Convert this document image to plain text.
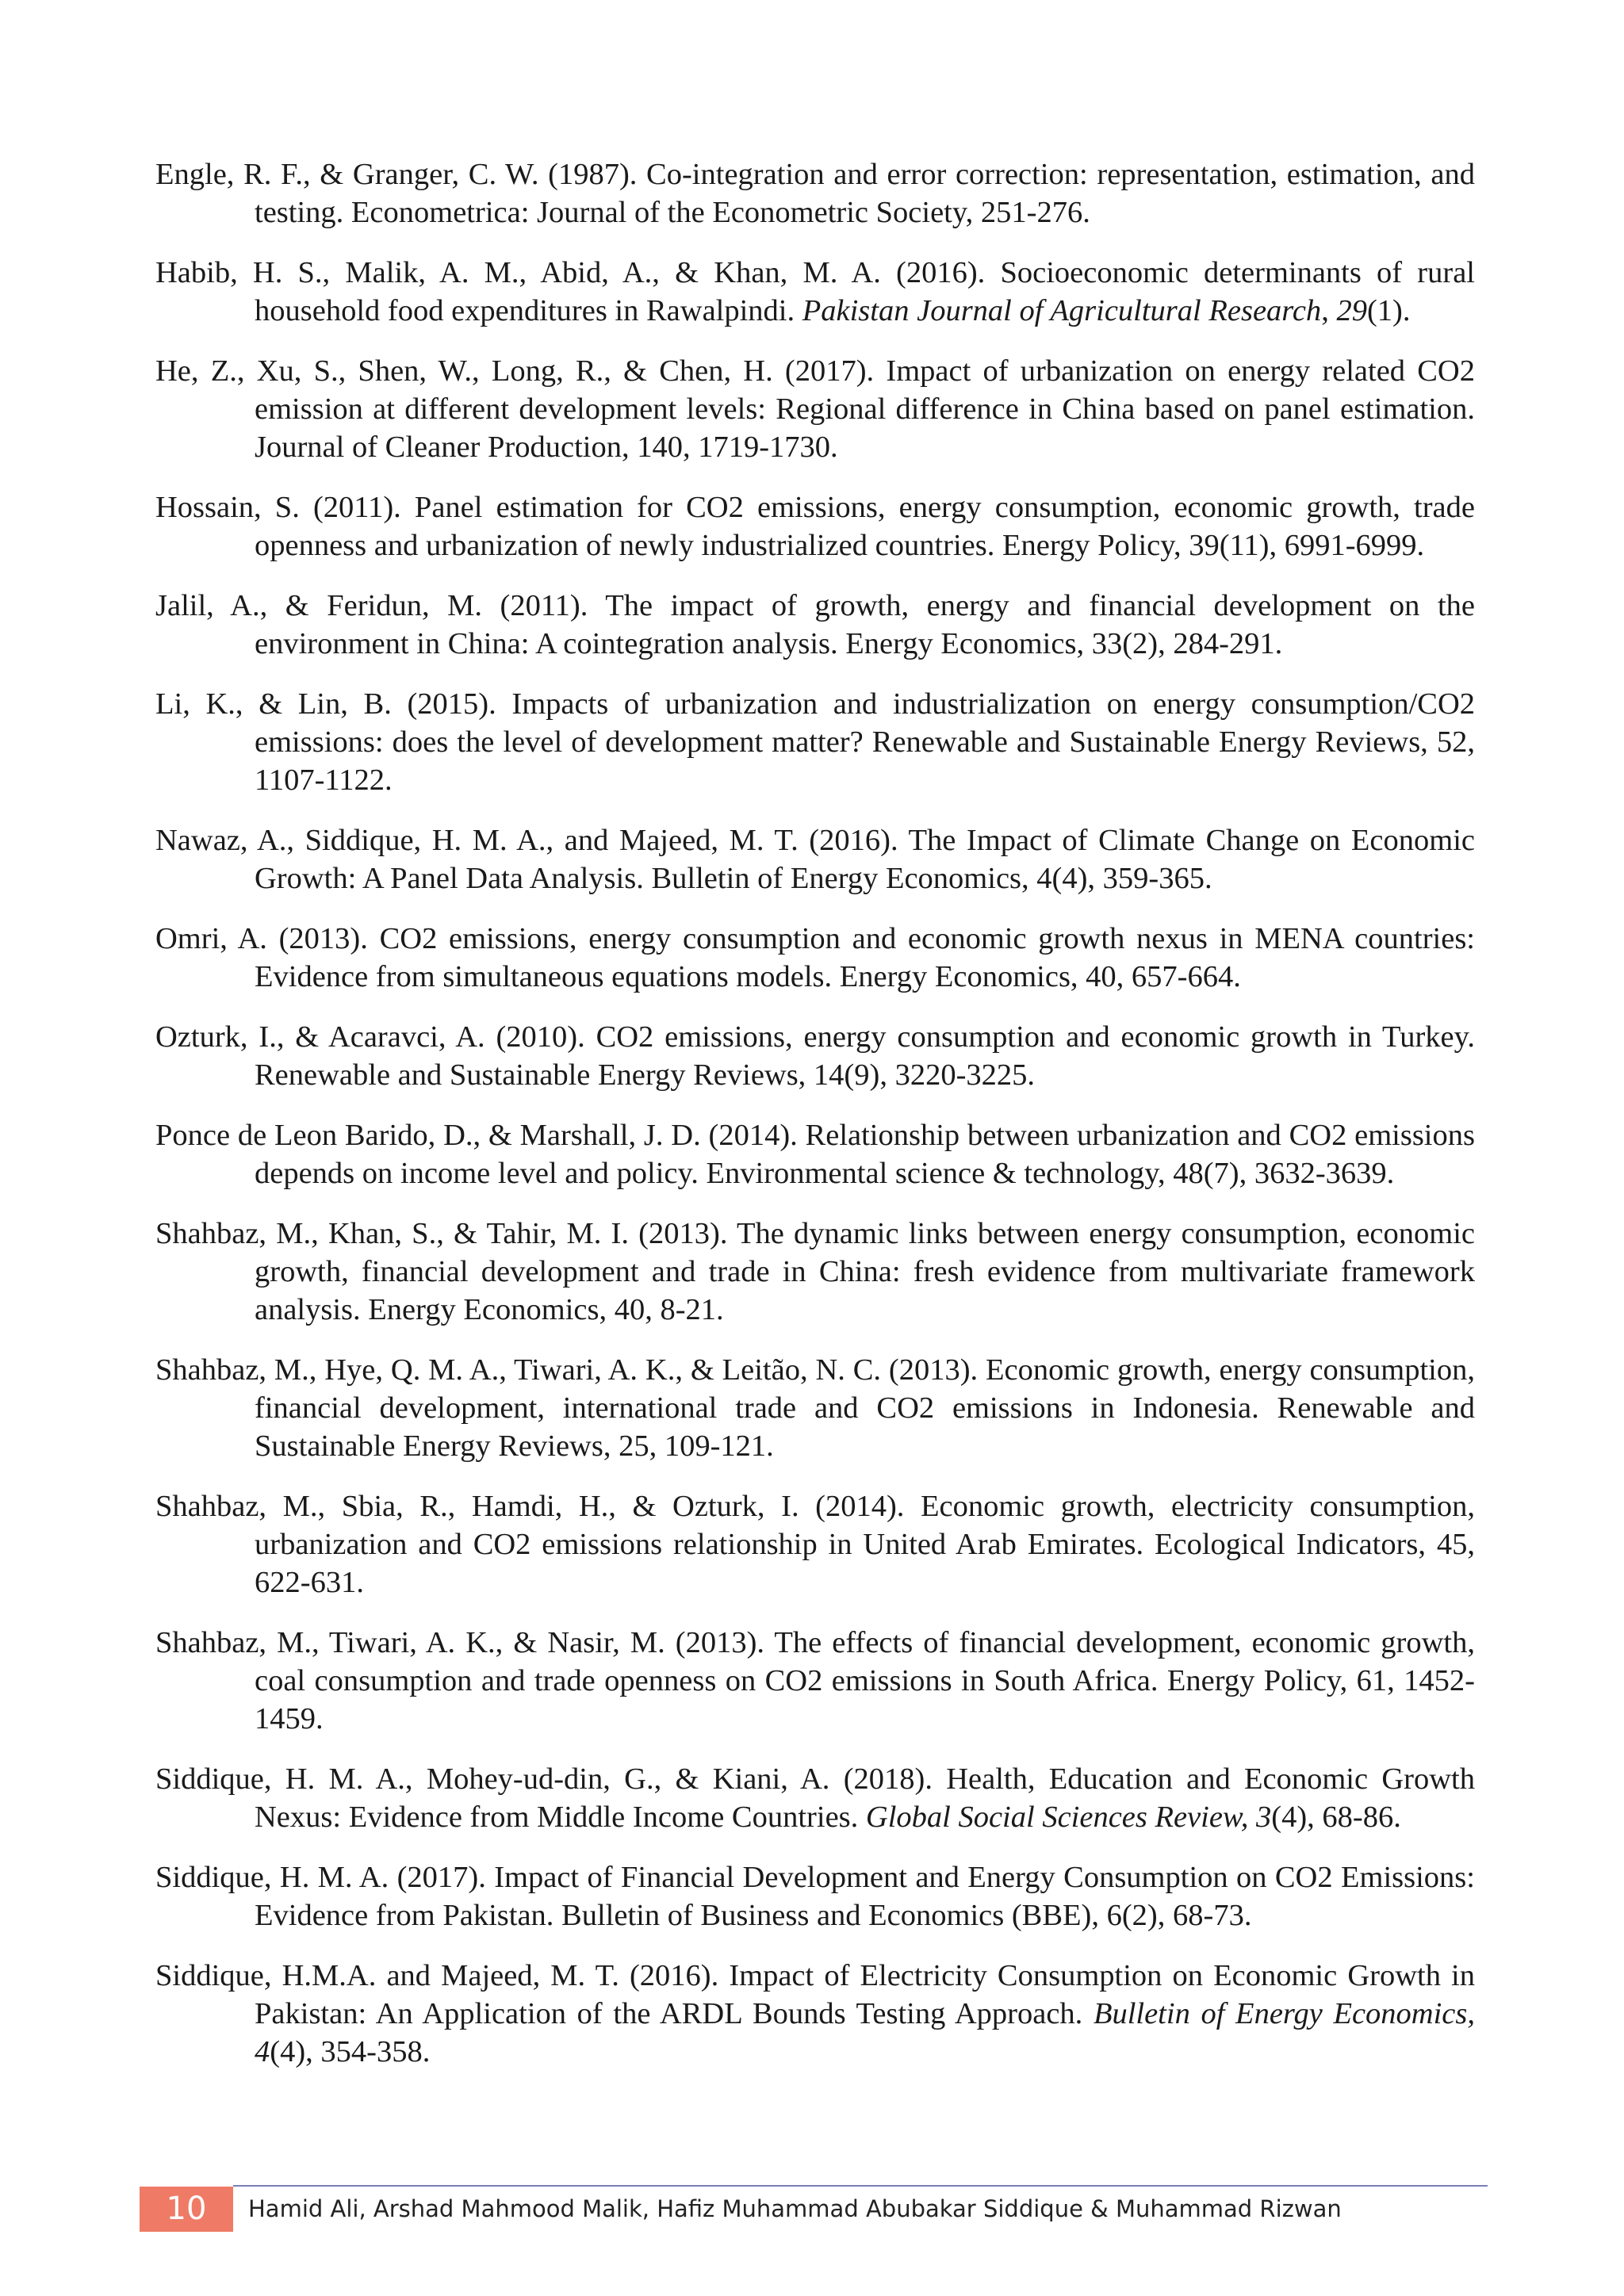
Engle, R. F., & Granger, C. W. (1987). Co-integration and error correction: representation, estimation, and testing. Econometrica: Journal of the Econometric Society, 251-276.

Habib, H. S., Malik, A. M., Abid, A., & Khan, M. A. (2016). Socioeconomic determinants of rural household food expenditures in Rawalpindi. Pakistan Journal of Agricultural Research, 29(1).

He, Z., Xu, S., Shen, W., Long, R., & Chen, H. (2017). Impact of urbanization on energy related CO2 emission at different development levels: Regional difference in China based on panel estimation. Journal of Cleaner Production, 140, 1719-1730.

Hossain, S. (2011). Panel estimation for CO2 emissions, energy consumption, economic growth, trade openness and urbanization of newly industrialized countries. Energy Policy, 39(11), 6991-6999.

Jalil, A., & Feridun, M. (2011). The impact of growth, energy and financial development on the environment in China: A cointegration analysis. Energy Economics, 33(2), 284-291.

Li, K., & Lin, B. (2015). Impacts of urbanization and industrialization on energy consumption/CO2 emissions: does the level of development matter? Renewable and Sustainable Energy Reviews, 52, 1107-1122.

Nawaz, A., Siddique, H. M. A., and Majeed, M. T. (2016). The Impact of Climate Change on Economic Growth: A Panel Data Analysis. Bulletin of Energy Economics, 4(4), 359-365.

Omri, A. (2013). CO2 emissions, energy consumption and economic growth nexus in MENA countries: Evidence from simultaneous equations models. Energy Economics, 40, 657-664.

Ozturk, I., & Acaravci, A. (2010). CO2 emissions, energy consumption and economic growth in Turkey. Renewable and Sustainable Energy Reviews, 14(9), 3220-3225.

Ponce de Leon Barido, D., & Marshall, J. D. (2014). Relationship between urbanization and CO2 emissions depends on income level and policy. Environmental science & technology, 48(7), 3632-3639.

Shahbaz, M., Khan, S., & Tahir, M. I. (2013). The dynamic links between energy consumption, economic growth, financial development and trade in China: fresh evidence from multivariate framework analysis. Energy Economics, 40, 8-21.

Shahbaz, M., Hye, Q. M. A., Tiwari, A. K., & Leitão, N. C. (2013). Economic growth, energy consumption, financial development, international trade and CO2 emissions in Indonesia. Renewable and Sustainable Energy Reviews, 25, 109-121.

Shahbaz, M., Sbia, R., Hamdi, H., & Ozturk, I. (2014). Economic growth, electricity consumption, urbanization and CO2 emissions relationship in United Arab Emirates. Ecological Indicators, 45, 622-631.

Shahbaz, M., Tiwari, A. K., & Nasir, M. (2013). The effects of financial development, economic growth, coal consumption and trade openness on CO2 emissions in South Africa. Energy Policy, 61, 1452-1459.

Siddique, H. M. A., Mohey-ud-din, G., & Kiani, A. (2018). Health, Education and Economic Growth Nexus: Evidence from Middle Income Countries. Global Social Sciences Review, 3(4), 68-86.

Siddique, H. M. A. (2017). Impact of Financial Development and Energy Consumption on CO2 Emissions: Evidence from Pakistan. Bulletin of Business and Economics (BBE), 6(2), 68-73.

Siddique, H.M.A. and Majeed, M. T. (2016). Impact of Electricity Consumption on Economic Growth in Pakistan: An Application of the ARDL Bounds Testing Approach. Bulletin of Energy Economics, 4(4), 354-358.

10	Hamid Ali, Arshad Mahmood Malik, Hafiz Muhammad Abubakar Siddique & Muhammad Rizwan
